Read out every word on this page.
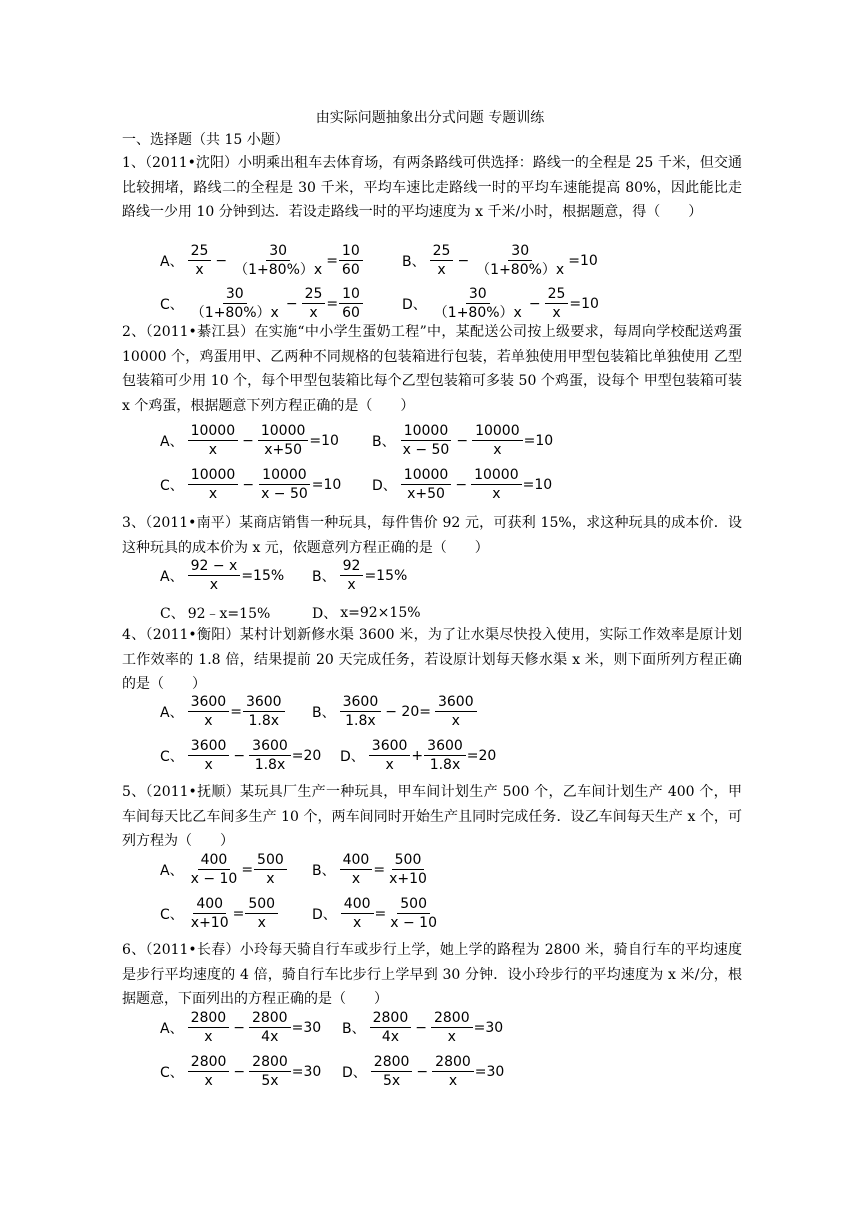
由实际问题抽象出分式问题 专题训练
一、选择题（共 15 小题）
1、（2011•沈阳）小明乘出租车去体育场，有两条路线可供选择：路线一的全程是 25 千米，但交通比较拥堵，路线二的全程是 30 千米，平均车速比走路线一时的平均车速能提高 80%，因此能比走路线一少用 10 分钟到达．若设走路线一时的平均速度为 x 千米/小时，根据题意，得（　　）
A、 $\frac{25}{x} - \frac{30}{(1+80\%)x} = \frac{10}{60}$	B、 $\frac{25}{x} - \frac{30}{(1+80\%)x} =10$
C、 $\frac{30}{(1+80\%)x} - \frac{25}{x} = \frac{10}{60}$	D、 $\frac{30}{(1+80\%)x} - \frac{25}{x} =10$
2、（2011•綦江县）在实施“中小学生蛋奶工程”中，某配送公司按上级要求，每周向学校配送鸡蛋 10000 个，鸡蛋用甲、乙两种不同规格的包装箱进行包装，若单独使用甲型包装箱比单独使用 乙型包装箱可少用 10 个，每个甲型包装箱比每个乙型包装箱可多装 50 个鸡蛋，设每个 甲型包装箱可装 x 个鸡蛋，根据题意下列方程正确的是（　　）
A、 $\frac{10000}{x} - \frac{10000}{x+50} =10$ B、 $\frac{10000}{x - 50} - \frac{10000}{x} =10$
C、 $\frac{10000}{x} - \frac{10000}{x - 50} =10$ D、 $\frac{10000}{x+50} - \frac{10000}{x} =10$
3、（2011•南平）某商店销售一种玩具，每件售价 92 元，可获利 15%，求这种玩具的成本价．设这种玩具的成本价为 x 元，依题意列方程正确的是（　　）
A、 $\frac{92 - x}{x} =15\%$ B、 $\frac{92}{x} =15\%$
C、 92﹣x=15%	D、 x=92×15%
4、（2011•衡阳）某村计划新修水渠 3600 米，为了让水渠尽快投入使用，实际工作效率是原计划工作效率的 1.8 倍，结果提前 20 天完成任务，若设原计划每天修水渠 x 米，则下面所列方程正确的是（　　）
A、 $\frac{3600}{x} = \frac{3600}{1.8x}$ B、 $\frac{3600}{1.8x} - 20= \frac{3600}{x}$
C、 $\frac{3600}{x} - \frac{3600}{1.8x} =20$ D、 $\frac{3600}{x} + \frac{3600}{1.8x} =20$
5、（2011•抚顺）某玩具厂生产一种玩具，甲车间计划生产 500 个，乙车间计划生产 400 个，甲车间每天比乙车间多生产 10 个，两车间同时开始生产且同时完成任务．设乙车间每天生产 x 个，可列方程为（　　）
A、 $\frac{400}{x - 10} = \frac{500}{x}$ B、 $\frac{400}{x} = \frac{500}{x+10}$
C、 $\frac{400}{x+10} = \frac{500}{x}$ D、 $\frac{400}{x} = \frac{500}{x - 10}$
6、（2011•长春）小玲每天骑自行车或步行上学，她上学的路程为 2800 米，骑自行车的平均速度是步行平均速度的 4 倍，骑自行车比步行上学早到 30 分钟．设小玲步行的平均速度为 x 米/分，根据题意，下面列出的方程正确的是（　　）
A、 $\frac{2800}{x} - \frac{2800}{4x} =30$ B、 $\frac{2800}{4x} - \frac{2800}{x} =30$
C、 $\frac{2800}{x} - \frac{2800}{5x} =30$ D、 $\frac{2800}{5x} - \frac{2800}{x} =30$
